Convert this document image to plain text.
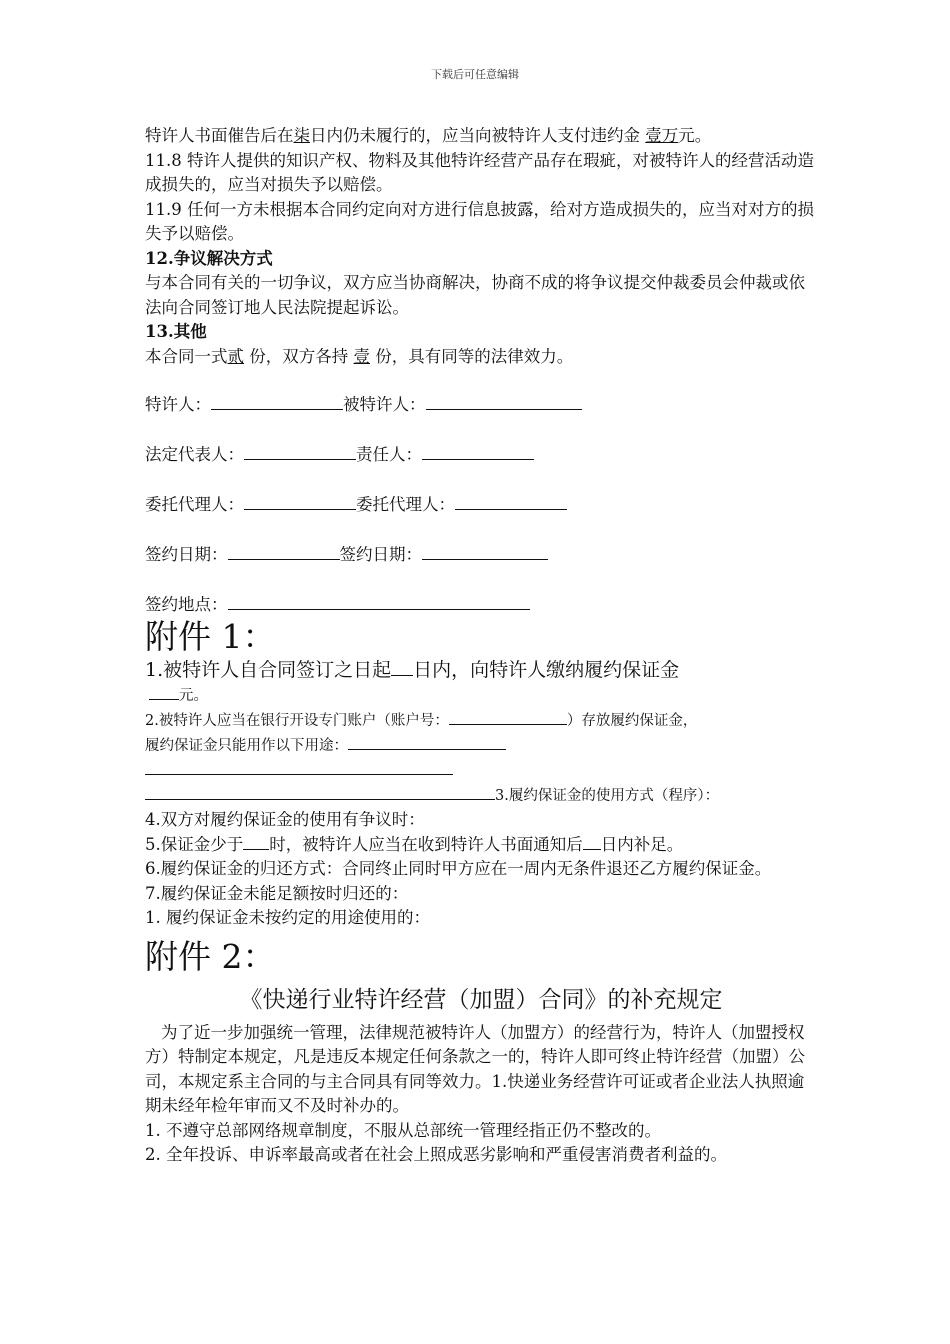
下载后可任意编辑

特许人书面催告后在柒日内仍未履行的，应当向被特许人支付违约金 壹万元。

11.8 特许人提供的知识产权、物料及其他特许经营产品存在瑕疵，对被特许人的经营活动造成损失的，应当对损失予以赔偿。

11.9 任何一方未根据本合同约定向对方进行信息披露，给对方造成损失的，应当对对方的损失予以赔偿。

12.争议解决方式

与本合同有关的一切争议，双方应当协商解决，协商不成的将争议提交仲裁委员会仲裁或依法向合同签订地人民法院提起诉讼。

13.其他

本合同一式贰 份，双方各持 壹 份，具有同等的法律效力。

特许人：	被特许人：
法定代表人：	责任人：
委托代理人：	委托代理人：
签约日期：	签约日期：
签约地点：

附件 1：

1.被特许人自合同签订之日起 日内，向特许人缴纳履约保证金

元。

2.被特许人应当在银行开设专门账户（账户号：	）存放履约保证金，

履约保证金只能用作以下用途：

3.履约保证金的使用方式（程序）：

4.双方对履约保证金的使用有争议时：

5.保证金少于 时，被特许人应当在收到特许人书面通知后 日内补足。

6.履约保证金的归还方式：合同终止同时甲方应在一周内无条件退还乙方履约保证金。

7.履约保证金未能足额按时归还的：

1. 履约保证金未按约定的用途使用的：

附件 2：

《快递行业特许经营（加盟）合同》的补充规定

为了近一步加强统一管理，法律规范被特许人（加盟方）的经营行为，特许人（加盟授权方）特制定本规定，凡是违反本规定任何条款之一的，特许人即可终止特许经营（加盟）公司，本规定系主合同的与主合同具有同等效力。1.快递业务经营许可证或者企业法人执照逾期未经年检年审而又不及时补办的。

1. 不遵守总部网络规章制度，不服从总部统一管理经指正仍不整改的。

2. 全年投诉、申诉率最高或者在社会上照成恶劣影响和严重侵害消费者利益的。
